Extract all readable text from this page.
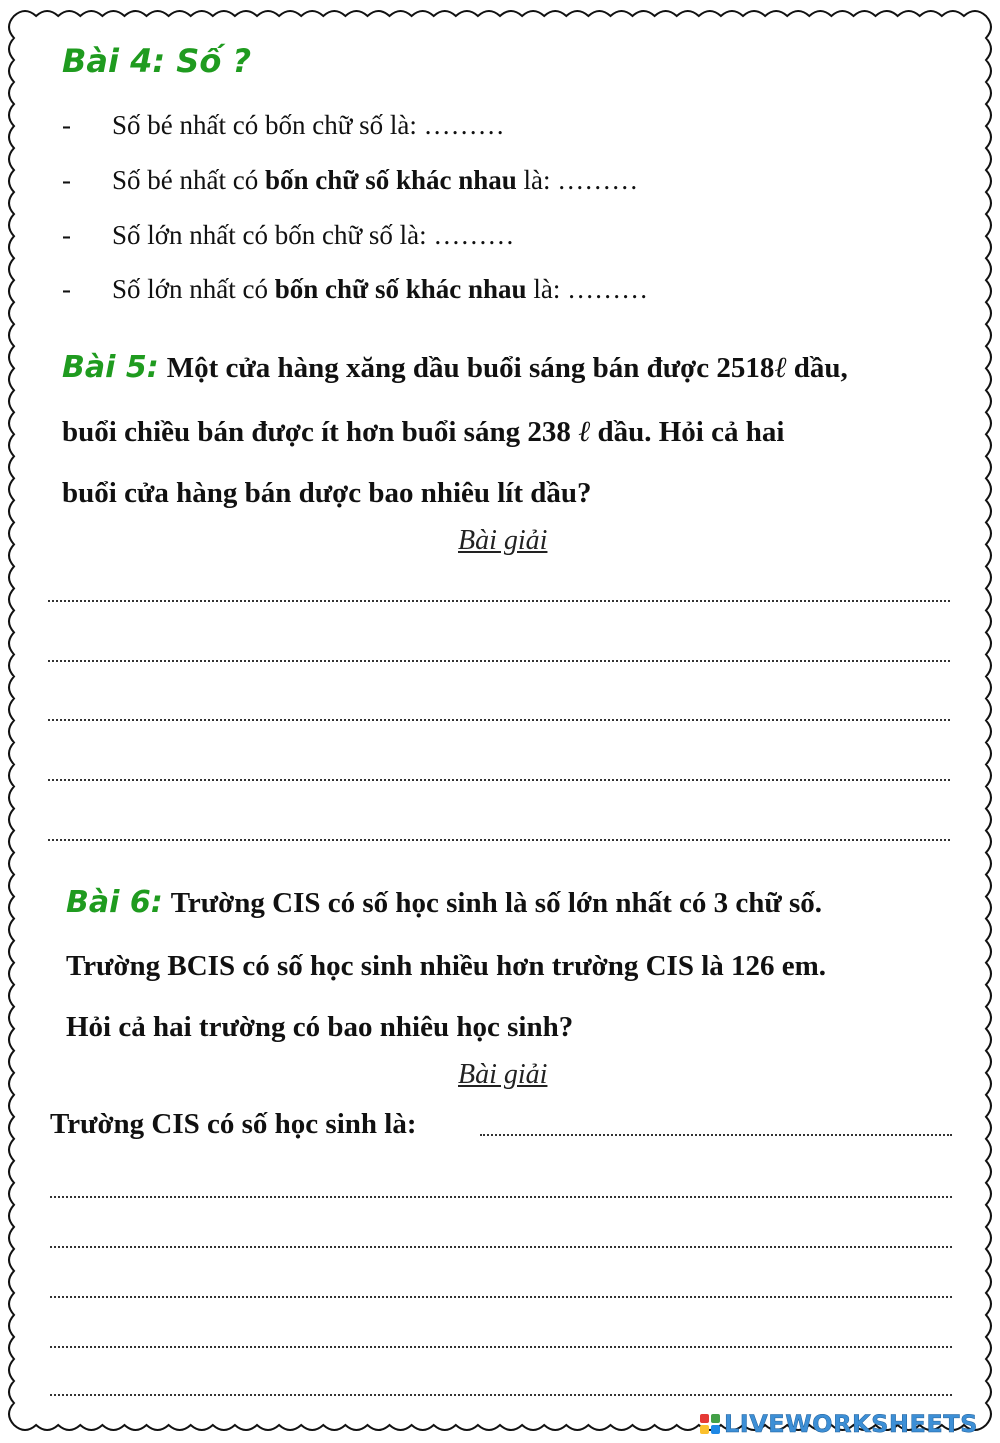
Bài 4: Số ?
- Số bé nhất có bốn chữ số là: ………
- Số bé nhất có bốn chữ số khác nhau là: ………
- Số lớn nhất có bốn chữ số là: ………
- Số lớn nhất có bốn chữ số khác nhau là: ………
Bài 5: Một cửa hàng xăng dầu buổi sáng bán được 2518ℓ dầu,
buổi chiều bán được ít hơn buổi sáng 238 ℓ dầu. Hỏi cả hai
buổi cửa hàng bán dược bao nhiêu lít dầu?
Bài giải
Bài 6: Trường CIS có số học sinh là số lớn nhất có 3 chữ số.
Trường BCIS có số học sinh nhiều hơn trường CIS là 126 em.
Hỏi cả hai trường có bao nhiêu học sinh?
Bài giải
Trường CIS có số học sinh là:
LIVEWORKSHEETS
